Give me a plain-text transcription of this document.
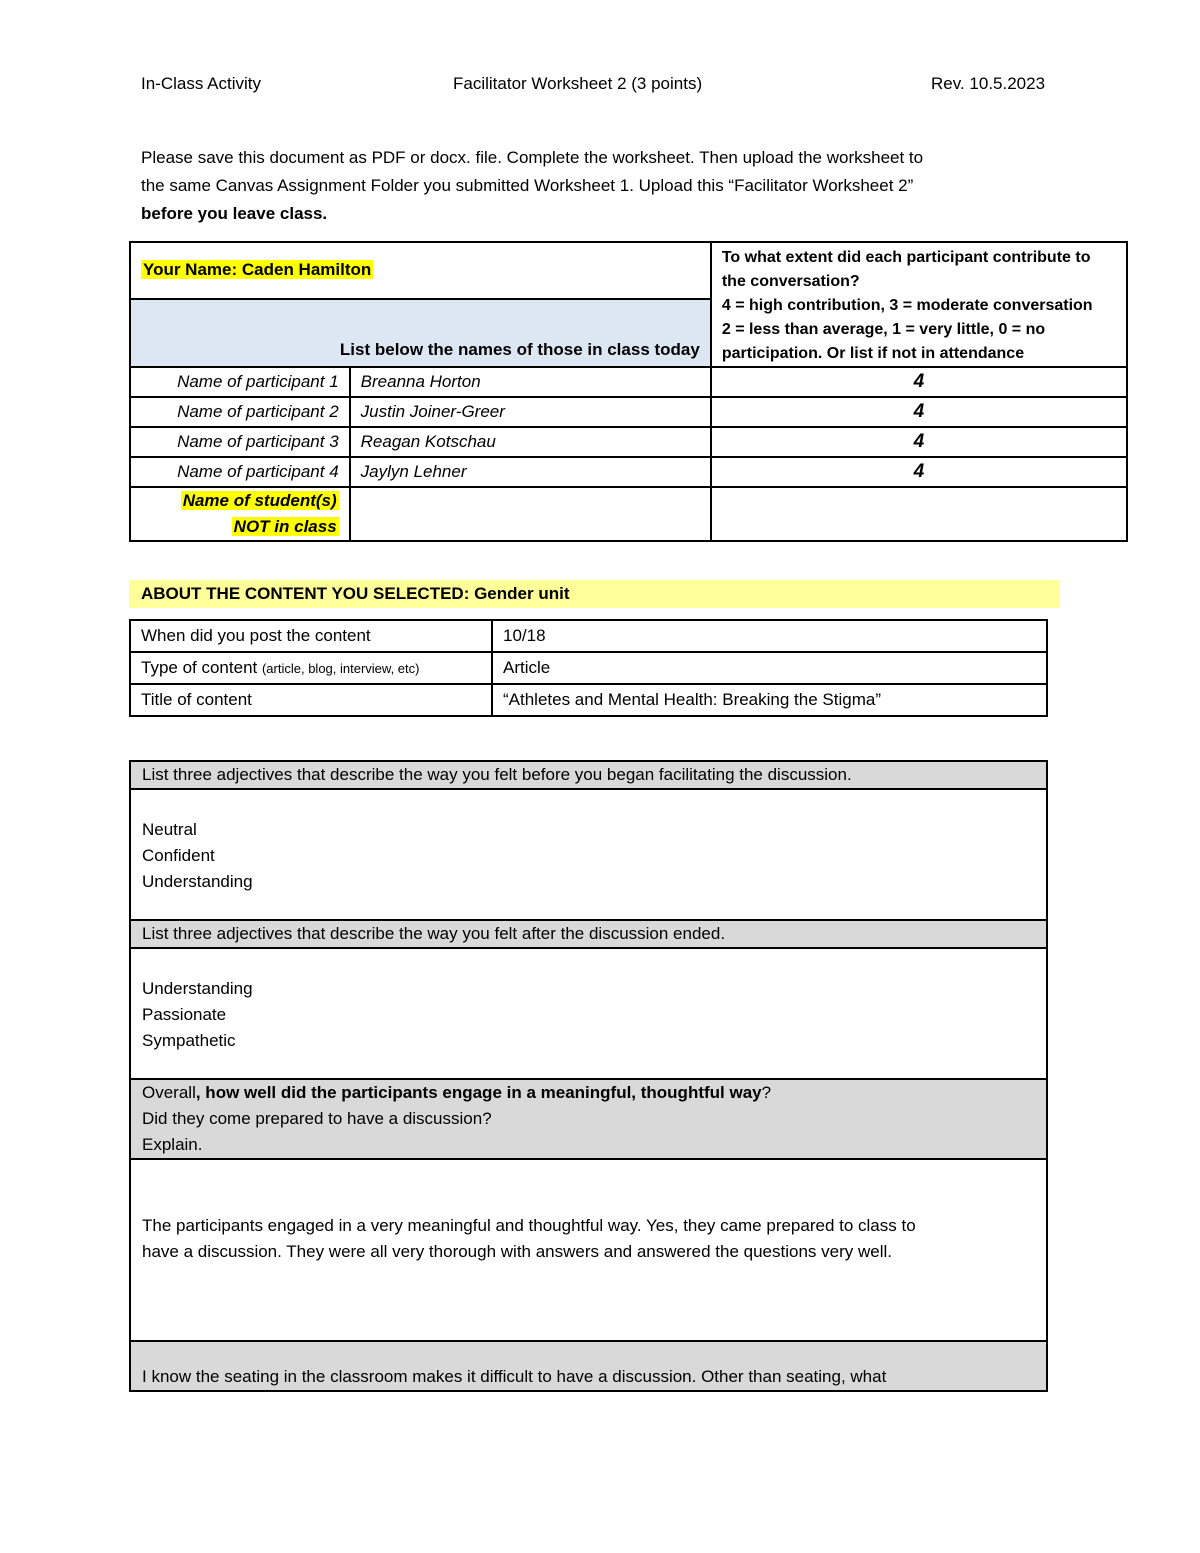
In-Class Activity	Facilitator Worksheet 2 (3 points)	Rev. 10.5.2023

Please save this document as PDF or docx. file. Complete the worksheet. Then upload the worksheet to

the same Canvas Assignment Folder you submitted Worksheet 1. Upload this “Facilitator Worksheet 2”

before you leave class.

Your Name: Caden Hamilton		To what extent did each participant contribute to
the conversation?
4 = high contribution, 3 = moderate conversation
2 = less than average, 1 = very little, 0 = no
participation. Or list if not in attendance

List below the names of those in class today		
Name of participant 1	Breanna Horton	4
Name of participant 2	Justin Joiner-Greer	4
Name of participant 3	Reagan Kotschau	4
Name of participant 4	Jaylyn Lehner	4
Name of student(s)
NOT in class		
ABOUT THE CONTENT YOU SELECTED: Gender unit
When did you post the content	10/18
Type of content (article, blog, interview, etc)	Article
Title of content	“Athletes and Mental Health: Breaking the Stigma”
List three adjectives that describe the way you felt before you began facilitating the discussion.

Neutral
Confident
Understanding

List three adjectives that describe the way you felt after the discussion ended.

Understanding
Passionate
Sympathetic

Overall, how well did the participants engage in a meaningful, thoughtful way?
Did they come prepared to have a discussion?
Explain.

The participants engaged in a very meaningful and thoughtful way. Yes, they came prepared to class to
have a discussion. They were all very thorough with answers and answered the questions very well.

I know the seating in the classroom makes it difficult to have a discussion. Other than seating, what
